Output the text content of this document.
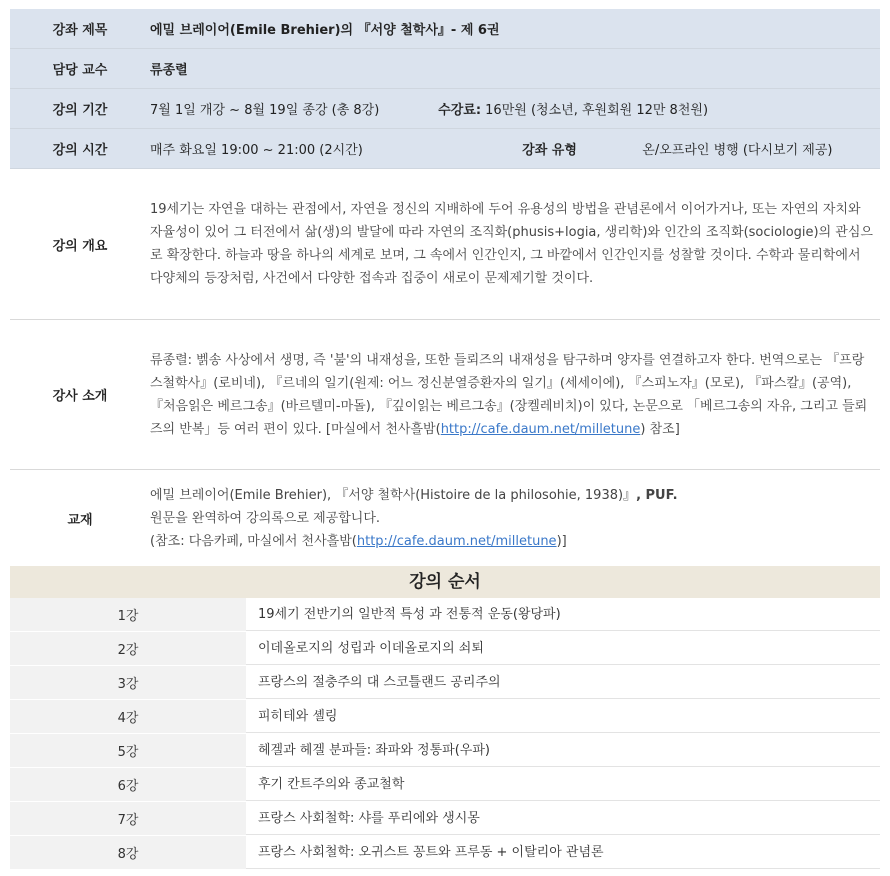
강좌 제목	에밀 브레이어(Emile Brehier)의 『서양 철학사』- 제 6권
담당 교수	류종렬
강의 기간	7월 1일 개강 ~ 8월 19일 종강 (총 8강)	수강료: 16만원 (청소년, 후원회원 12만 8천원)
강의 시간	매주 화요일 19:00 ~ 21:00 (2시간)	강좌 유형	온/오프라인 병행 (다시보기 제공)
강의 개요
19세기는 자연을 대하는 관점에서, 자연을 정신의 지배하에 두어 유용성의 방법을 관념론에서 이어가거나, 또는 자연의 자치와 자율성이 있어 그 터전에서 삶(생)의 발달에 따라 자연의 조직화(phusis+logia, 생리학)와 인간의 조직화(sociologie)의 관심으로 확장한다. 하늘과 땅을 하나의 세계로 보며, 그 속에서 인간인지, 그 바깥에서 인간인지를 성찰할 것이다. 수학과 물리학에서 다양체의 등장처럼, 사건에서 다양한 접속과 집중이 새로이 문제제기할 것이다.
강사 소개
류종렬: 벩송 사상에서 생명, 즉 '불'의 내재성을, 또한 들뢰즈의 내재성을 탐구하며 양자를 연결하고자 한다. 번역으로는 『프랑스철학사』(로비네), 『르네의 일기(원제: 어느 정신분열증환자의 일기』(세세이에), 『스피노자』(모로), 『파스칼』(공역), 『처음읽은 베르그송』(바르텔미-마돌), 『깊이읽는 베르그송』(장켈레비치)이 있다, 논문으로 「베르그송의 자유, 그리고 들뢰즈의 반복」등 여러 편이 있다. [마실에서 천사흘밤(http://cafe.daum.net/milletune) 참조]
교재
에밀 브레이어(Emile Brehier), 『서양 철학사(Histoire de la philosohie, 1938)』, PUF.
원문을 완역하여 강의록으로 제공합니다.
(참조: 다음카페, 마실에서 천사흘밤(http://cafe.daum.net/milletune)]
강의 순서
1강	19세기 전반기의 일반적 특성 과 전통적 운동(왕당파)
2강	이데올로지의 성립과 이데올로지의 쇠퇴
3강	프랑스의 절충주의 대 스코틀랜드 공리주의
4강	피히테와 셸링
5강	헤겔과 헤겔 분파들: 좌파와 정통파(우파)
6강	후기 칸트주의와 종교철학
7강	프랑스 사회철학: 샤를 푸리에와 생시몽
8강	프랑스 사회철학: 오귀스트 꽁트와 프루동 + 이탈리아 관념론
